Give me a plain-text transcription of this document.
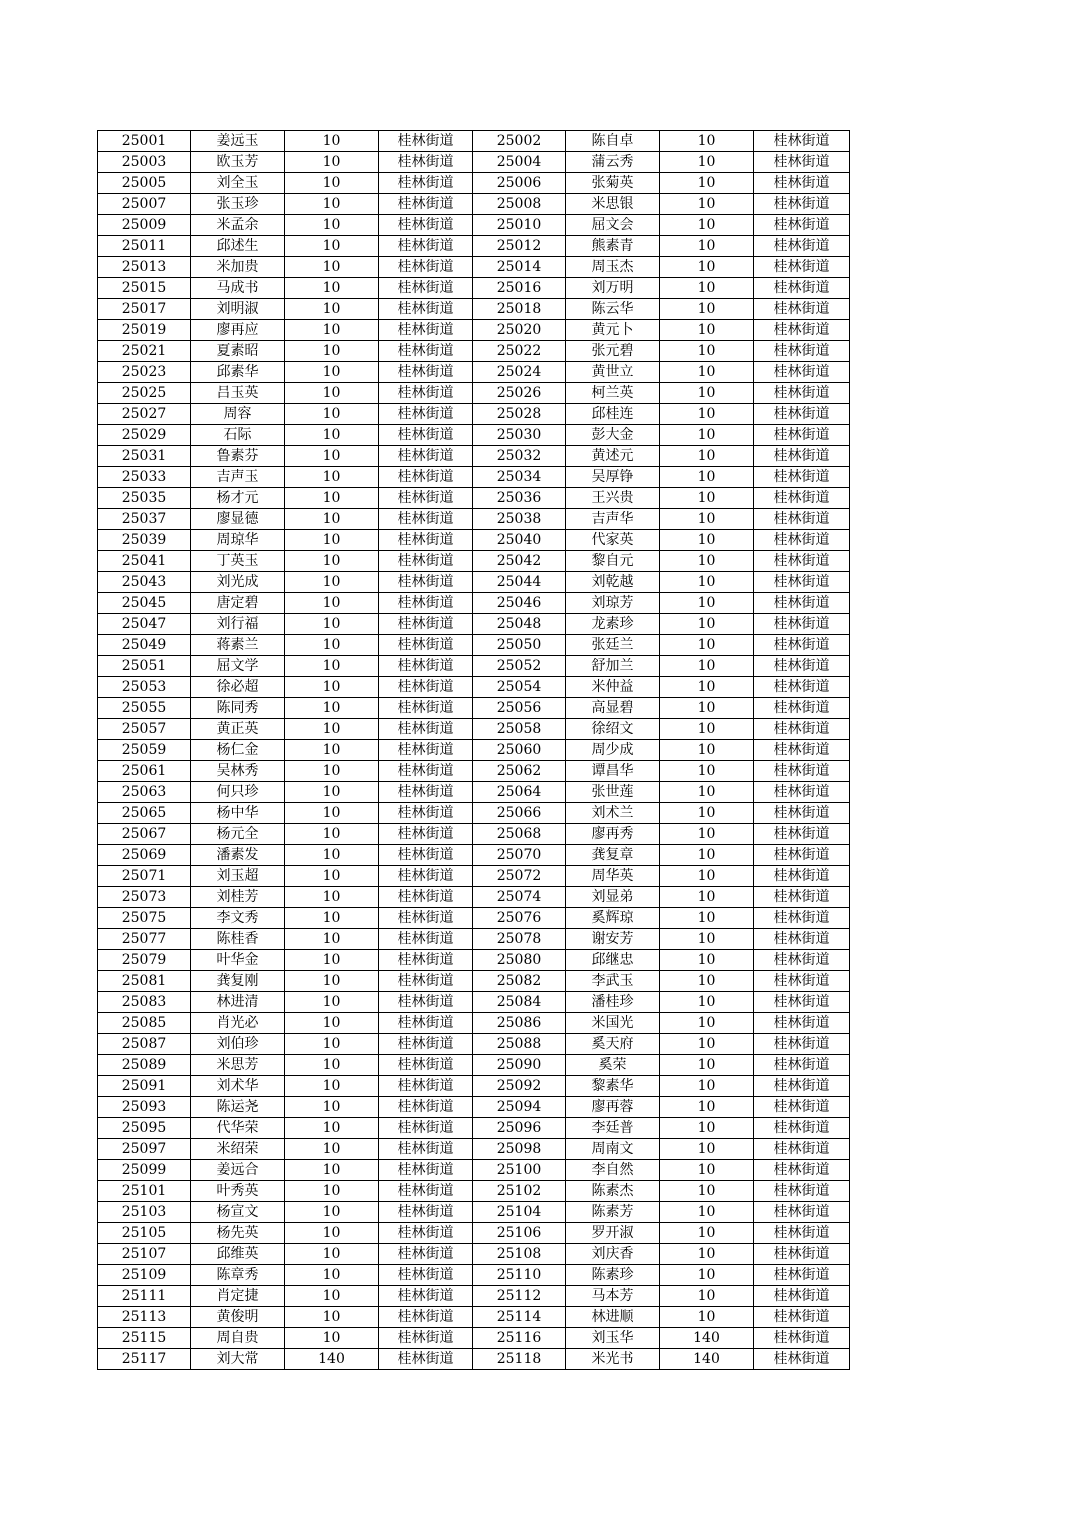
25001	姜远玉	10	桂林街道	25002	陈自卓	10	桂林街道
25003	欧玉芳	10	桂林街道	25004	蒲云秀	10	桂林街道
25005	刘全玉	10	桂林街道	25006	张菊英	10	桂林街道
25007	张玉珍	10	桂林街道	25008	米思银	10	桂林街道
25009	米孟余	10	桂林街道	25010	屈文会	10	桂林街道
25011	邱述生	10	桂林街道	25012	熊素青	10	桂林街道
25013	米加贵	10	桂林街道	25014	周玉杰	10	桂林街道
25015	马成书	10	桂林街道	25016	刘万明	10	桂林街道
25017	刘明淑	10	桂林街道	25018	陈云华	10	桂林街道
25019	廖再应	10	桂林街道	25020	黄元卜	10	桂林街道
25021	夏素昭	10	桂林街道	25022	张元碧	10	桂林街道
25023	邱素华	10	桂林街道	25024	黄世立	10	桂林街道
25025	吕玉英	10	桂林街道	25026	柯兰英	10	桂林街道
25027	周容	10	桂林街道	25028	邱桂连	10	桂林街道
25029	石际	10	桂林街道	25030	彭大金	10	桂林街道
25031	鲁素芬	10	桂林街道	25032	黄述元	10	桂林街道
25033	吉声玉	10	桂林街道	25034	吴厚铮	10	桂林街道
25035	杨才元	10	桂林街道	25036	王兴贵	10	桂林街道
25037	廖显德	10	桂林街道	25038	吉声华	10	桂林街道
25039	周琼华	10	桂林街道	25040	代家英	10	桂林街道
25041	丁英玉	10	桂林街道	25042	黎自元	10	桂林街道
25043	刘光成	10	桂林街道	25044	刘乾越	10	桂林街道
25045	唐定碧	10	桂林街道	25046	刘琼芳	10	桂林街道
25047	刘行福	10	桂林街道	25048	龙素珍	10	桂林街道
25049	蒋素兰	10	桂林街道	25050	张廷兰	10	桂林街道
25051	屈文学	10	桂林街道	25052	舒加兰	10	桂林街道
25053	徐必超	10	桂林街道	25054	米仲益	10	桂林街道
25055	陈同秀	10	桂林街道	25056	高显碧	10	桂林街道
25057	黄正英	10	桂林街道	25058	徐绍文	10	桂林街道
25059	杨仁金	10	桂林街道	25060	周少成	10	桂林街道
25061	吴林秀	10	桂林街道	25062	谭昌华	10	桂林街道
25063	何只珍	10	桂林街道	25064	张世莲	10	桂林街道
25065	杨中华	10	桂林街道	25066	刘术兰	10	桂林街道
25067	杨元全	10	桂林街道	25068	廖再秀	10	桂林街道
25069	潘素发	10	桂林街道	25070	龚复章	10	桂林街道
25071	刘玉超	10	桂林街道	25072	周华英	10	桂林街道
25073	刘桂芳	10	桂林街道	25074	刘显弟	10	桂林街道
25075	李文秀	10	桂林街道	25076	奚辉琼	10	桂林街道
25077	陈桂香	10	桂林街道	25078	谢安芳	10	桂林街道
25079	叶华金	10	桂林街道	25080	邱继忠	10	桂林街道
25081	龚复刚	10	桂林街道	25082	李武玉	10	桂林街道
25083	林进清	10	桂林街道	25084	潘桂珍	10	桂林街道
25085	肖光必	10	桂林街道	25086	米国光	10	桂林街道
25087	刘伯珍	10	桂林街道	25088	奚天府	10	桂林街道
25089	米思芳	10	桂林街道	25090	奚荣	10	桂林街道
25091	刘术华	10	桂林街道	25092	黎素华	10	桂林街道
25093	陈运尧	10	桂林街道	25094	廖再蓉	10	桂林街道
25095	代华荣	10	桂林街道	25096	李廷普	10	桂林街道
25097	米绍荣	10	桂林街道	25098	周南文	10	桂林街道
25099	姜远合	10	桂林街道	25100	李自然	10	桂林街道
25101	叶秀英	10	桂林街道	25102	陈素杰	10	桂林街道
25103	杨宣文	10	桂林街道	25104	陈素芳	10	桂林街道
25105	杨先英	10	桂林街道	25106	罗开淑	10	桂林街道
25107	邱维英	10	桂林街道	25108	刘庆香	10	桂林街道
25109	陈章秀	10	桂林街道	25110	陈素珍	10	桂林街道
25111	肖定捷	10	桂林街道	25112	马本芳	10	桂林街道
25113	黄俊明	10	桂林街道	25114	林进顺	10	桂林街道
25115	周自贵	10	桂林街道	25116	刘玉华	140	桂林街道
25117	刘大常	140	桂林街道	25118	米光书	140	桂林街道
